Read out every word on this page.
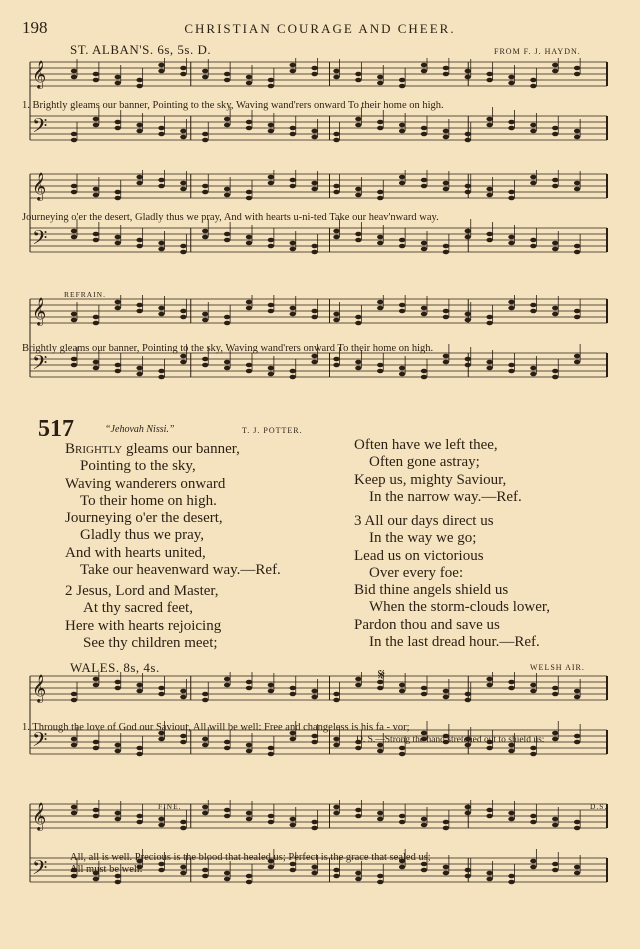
198	CHRISTIAN COURAGE AND CHEER.
ST. ALBAN'S. 6s, 5s. D.	FROM F. J. HAYDN.
𝄞
𝄢
𝄞
𝄢
𝄞
𝄢
𝄞
𝄢
𝄞
𝄢
1. Brightly gleams our banner, Pointing to the sky, Waving wand'rers onward To their home on high.
Journeying o'er the desert, Gladly thus we pray, And with hearts u-ni-ted Take our heav'nward way.
REFRAIN.
Brightly gleams our banner, Pointing to the sky, Waving wand'rers onward To their home on high.
517	“Jehovah Nissi.”	T. J. POTTER.
Brightly gleams our banner,
Pointing to the sky,
Waving wanderers onward
To their home on high.
Journeying o'er the desert,
Gladly thus we pray,
And with hearts united,
Take our heavenward way.—Ref.
2 Jesus, Lord and Master,
At thy sacred feet,
Here with hearts rejoicing
See thy children meet;
Often have we left thee,
Often gone astray;
Keep us, mighty Saviour,
In the narrow way.—Ref.
3 All our days direct us
In the way we go;
Lead us on victorious
Over every foe:
Bid thine angels shield us
When the storm-clouds lower,
Pardon thou and save us
In the last dread hour.—Ref.
WALES. 8s, 4s.	𝄋	WELSH AIR.
1. Through the love of God our Saviour, All will be well: Free and changeless is his fa - vor;
D. S.—Strong the hand stretched out to shield us:
FINE.	D.S.
All, all is well. Precious is the blood that healed us; Perfect is the grace that sealed us;
All must be well.
